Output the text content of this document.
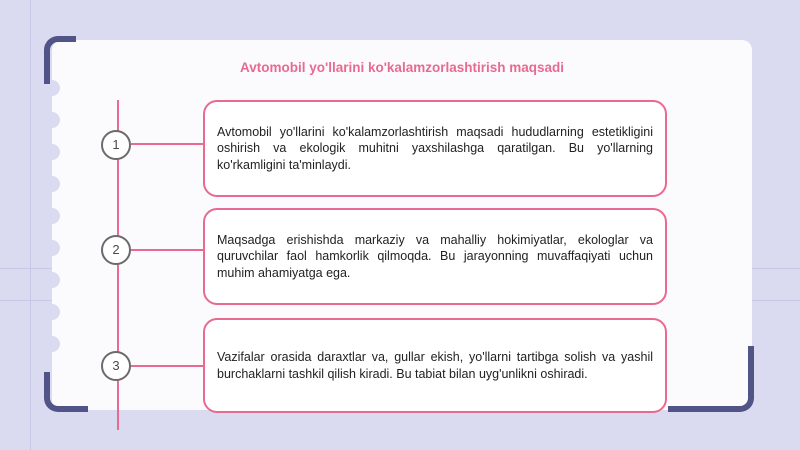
Avtomobil yo'llarini ko'kalamzorlashtirish maqsadi
1
Avtomobil yo'llarini ko'kalamzorlashtirish maqsadi hududlarning estetikligini oshirish va ekologik muhitni yaxshilashga qaratilgan. Bu yo'llarning ko'rkamligini ta'minlaydi.
2
Maqsadga erishishda markaziy va mahalliy hokimiyatlar, ekologlar va quruvchilar faol hamkorlik qilmoqda. Bu jarayonning muvaffaqiyati uchun muhim ahamiyatga ega.
3
Vazifalar orasida daraxtlar va, gullar ekish, yo'llarni tartibga solish va yashil burchaklarni tashkil qilish kiradi. Bu tabiat bilan uyg'unlikni oshiradi.
